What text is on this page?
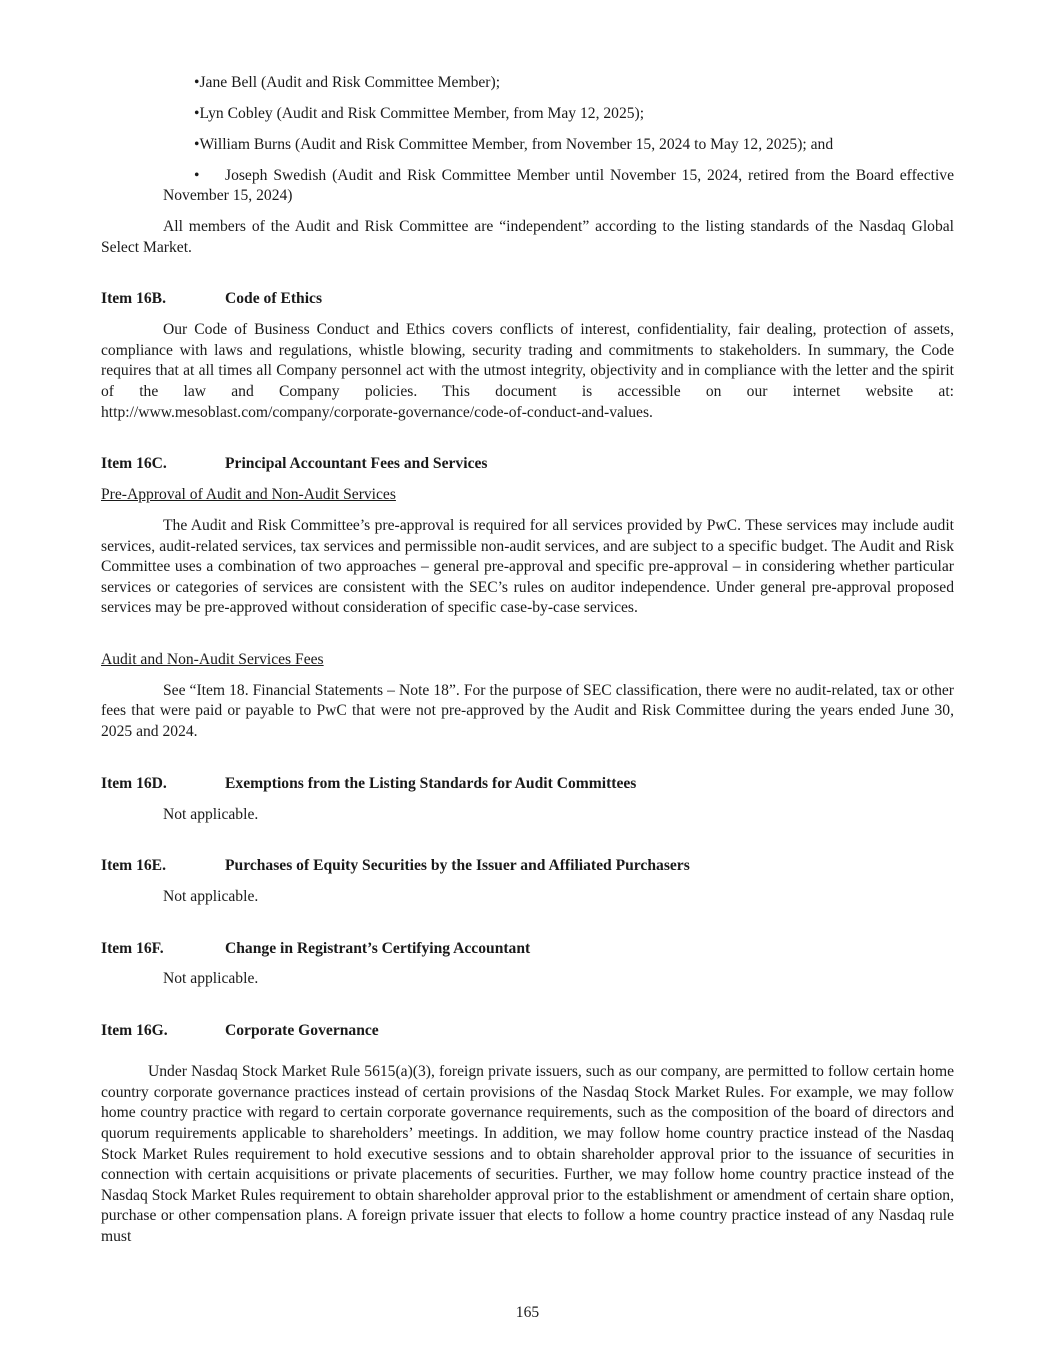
•Jane Bell (Audit and Risk Committee Member);

•Lyn Cobley (Audit and Risk Committee Member, from May 12, 2025);

•William Burns (Audit and Risk Committee Member, from November 15, 2024 to May 12, 2025); and

• Joseph Swedish (Audit and Risk Committee Member until November 15, 2024, retired from the Board effective November 15, 2024)

All members of the Audit and Risk Committee are “independent” according to the listing standards of the Nasdaq Global Select Market.

Item 16B.	Code of Ethics

Our Code of Business Conduct and Ethics covers conflicts of interest, confidentiality, fair dealing, protection of assets, compliance with laws and regulations, whistle blowing, security trading and commitments to stakeholders. In summary, the Code requires that at all times all Company personnel act with the utmost integrity, objectivity and in compliance with the letter and the spirit of the law and Company policies. This document is accessible on our internet website at: http://www.mesoblast.com/company/corporate-governance/code-of-conduct-and-values.

Item 16C.	Principal Accountant Fees and Services

Pre-Approval of Audit and Non-Audit Services

The Audit and Risk Committee’s pre-approval is required for all services provided by PwC. These services may include audit services, audit-related services, tax services and permissible non-audit services, and are subject to a specific budget. The Audit and Risk Committee uses a combination of two approaches – general pre-approval and specific pre-approval – in considering whether particular services or categories of services are consistent with the SEC’s rules on auditor independence. Under general pre-approval proposed services may be pre-approved without consideration of specific case-by-case services.

Audit and Non-Audit Services Fees

See “Item 18. Financial Statements – Note 18”. For the purpose of SEC classification, there were no audit-related, tax or other fees that were paid or payable to PwC that were not pre-approved by the Audit and Risk Committee during the years ended June 30, 2025 and 2024.

Item 16D.	Exemptions from the Listing Standards for Audit Committees

Not applicable.

Item 16E.	Purchases of Equity Securities by the Issuer and Affiliated Purchasers

Not applicable.

Item 16F.	Change in Registrant’s Certifying Accountant

Not applicable.

Item 16G.	Corporate Governance

Under Nasdaq Stock Market Rule 5615(a)(3), foreign private issuers, such as our company, are permitted to follow certain home country corporate governance practices instead of certain provisions of the Nasdaq Stock Market Rules. For example, we may follow home country practice with regard to certain corporate governance requirements, such as the composition of the board of directors and quorum requirements applicable to shareholders’ meetings. In addition, we may follow home country practice instead of the Nasdaq Stock Market Rules requirement to hold executive sessions and to obtain shareholder approval prior to the issuance of securities in connection with certain acquisitions or private placements of securities. Further, we may follow home country practice instead of the Nasdaq Stock Market Rules requirement to obtain shareholder approval prior to the establishment or amendment of certain share option, purchase or other compensation plans. A foreign private issuer that elects to follow a home country practice instead of any Nasdaq rule must

165
